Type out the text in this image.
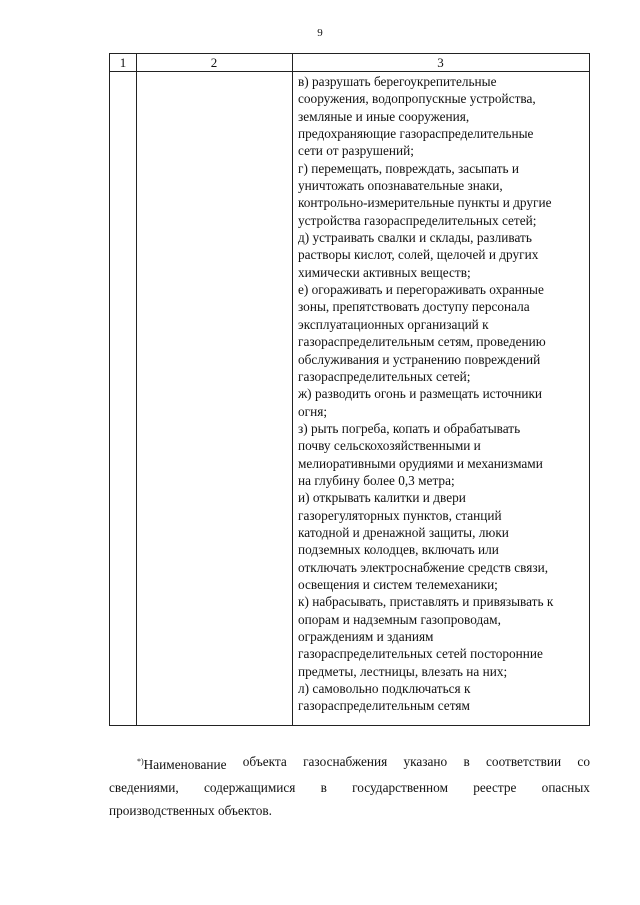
9
1	2	3
в) разрушать берегоукрепительные
сооружения, водопропускные устройства,
земляные и иные сооружения,
предохраняющие газораспределительные
сети от разрушений;
г) перемещать, повреждать, засыпать и
уничтожать опознавательные знаки,
контрольно-измерительные пункты и другие
устройства газораспределительных сетей;
д) устраивать свалки и склады, разливать
растворы кислот, солей, щелочей и других
химически активных веществ;
е) огораживать и перегораживать охранные
зоны, препятствовать доступу персонала
эксплуатационных организаций к
газораспределительным сетям, проведению
обслуживания и устранению повреждений
газораспределительных сетей;
ж) разводить огонь и размещать источники
огня;
з) рыть погреба, копать и обрабатывать
почву сельскохозяйственными и
мелиоративными орудиями и механизмами
на глубину более 0,3 метра;
и) открывать калитки и двери
газорегуляторных пунктов, станций
катодной и дренажной защиты, люки
подземных колодцев, включать или
отключать электроснабжение средств связи,
освещения и систем телемеханики;
к) набрасывать, приставлять и привязывать к
опорам и надземным газопроводам,
ограждениям и зданиям
газораспределительных сетей посторонние
предметы, лестницы, влезать на них;
л) самовольно подключаться к
газораспределительным сетям
*)Наименование объекта газоснабжения указано в соответствии со
сведениями, содержащимися в государственном реестре опасных
производственных объектов.
